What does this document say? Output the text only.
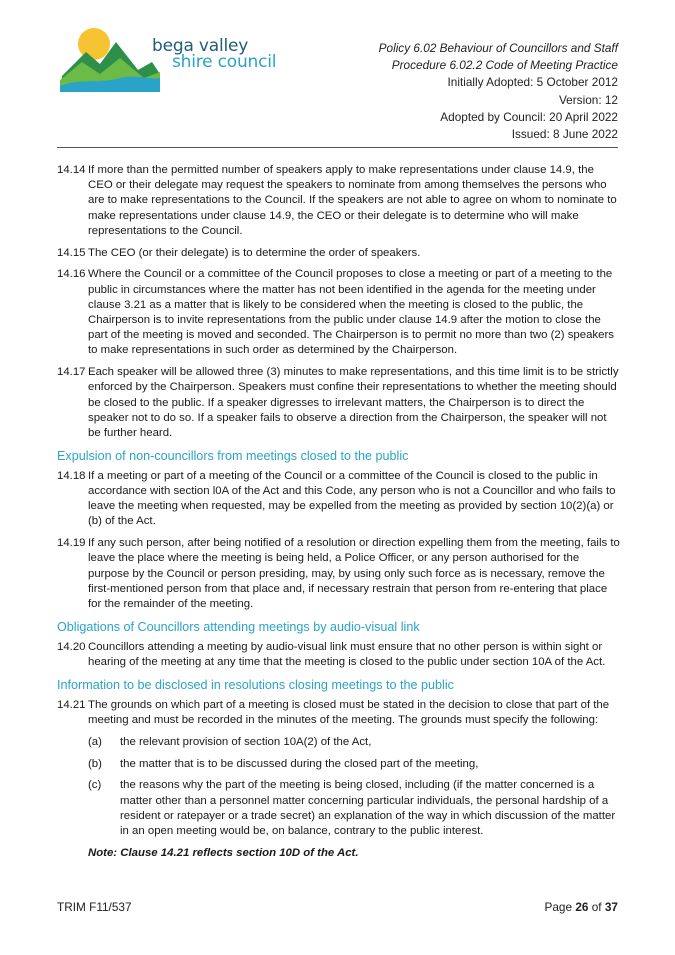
bega valley
shire council
Policy 6.02 Behaviour of Councillors and Staff
Procedure 6.02.2 Code of Meeting Practice
Initially Adopted: 5 October 2012
Version: 12
Adopted by Council: 20 April 2022
Issued: 8 June 2022
14.14 If more than the permitted number of speakers apply to make representations under clause 14.9, the CEO or their delegate may request the speakers to nominate from among themselves the persons who are to make representations to the Council. If the speakers are not able to agree on whom to nominate to make representations under clause 14.9, the CEO or their delegate is to determine who will make representations to the Council.
14.15 The CEO (or their delegate) is to determine the order of speakers.
14.16 Where the Council or a committee of the Council proposes to close a meeting or part of a meeting to the public in circumstances where the matter has not been identified in the agenda for the meeting under clause 3.21 as a matter that is likely to be considered when the meeting is closed to the public, the Chairperson is to invite representations from the public under clause 14.9 after the motion to close the part of the meeting is moved and seconded. The Chairperson is to permit no more than two (2) speakers to make representations in such order as determined by the Chairperson.
14.17 Each speaker will be allowed three (3) minutes to make representations, and this time limit is to be strictly enforced by the Chairperson. Speakers must confine their representations to whether the meeting should be closed to the public. If a speaker digresses to irrelevant matters, the Chairperson is to direct the speaker not to do so. If a speaker fails to observe a direction from the Chairperson, the speaker will not be further heard.
Expulsion of non-councillors from meetings closed to the public
14.18 If a meeting or part of a meeting of the Council or a committee of the Council is closed to the public in accordance with section l0A of the Act and this Code, any person who is not a Councillor and who fails to leave the meeting when requested, may be expelled from the meeting as provided by section 10(2)(a) or (b) of the Act.
14.19 If any such person, after being notified of a resolution or direction expelling them from the meeting, fails to leave the place where the meeting is being held, a Police Officer, or any person authorised for the purpose by the Council or person presiding, may, by using only such force as is necessary, remove the first-mentioned person from that place and, if necessary restrain that person from re-entering that place for the remainder of the meeting.
Obligations of Councillors attending meetings by audio-visual link
14.20 Councillors attending a meeting by audio-visual link must ensure that no other person is within sight or hearing of the meeting at any time that the meeting is closed to the public under section 10A of the Act.
Information to be disclosed in resolutions closing meetings to the public
14.21 The grounds on which part of a meeting is closed must be stated in the decision to close that part of the meeting and must be recorded in the minutes of the meeting. The grounds must specify the following:
(a) the relevant provision of section 10A(2) of the Act,
(b) the matter that is to be discussed during the closed part of the meeting,
(c) the reasons why the part of the meeting is being closed, including (if the matter concerned is a matter other than a personnel matter concerning particular individuals, the personal hardship of a resident or ratepayer or a trade secret) an explanation of the way in which discussion of the matter in an open meeting would be, on balance, contrary to the public interest.
Note: Clause 14.21 reflects section 10D of the Act.
TRIM F11/537	Page 26 of 37
